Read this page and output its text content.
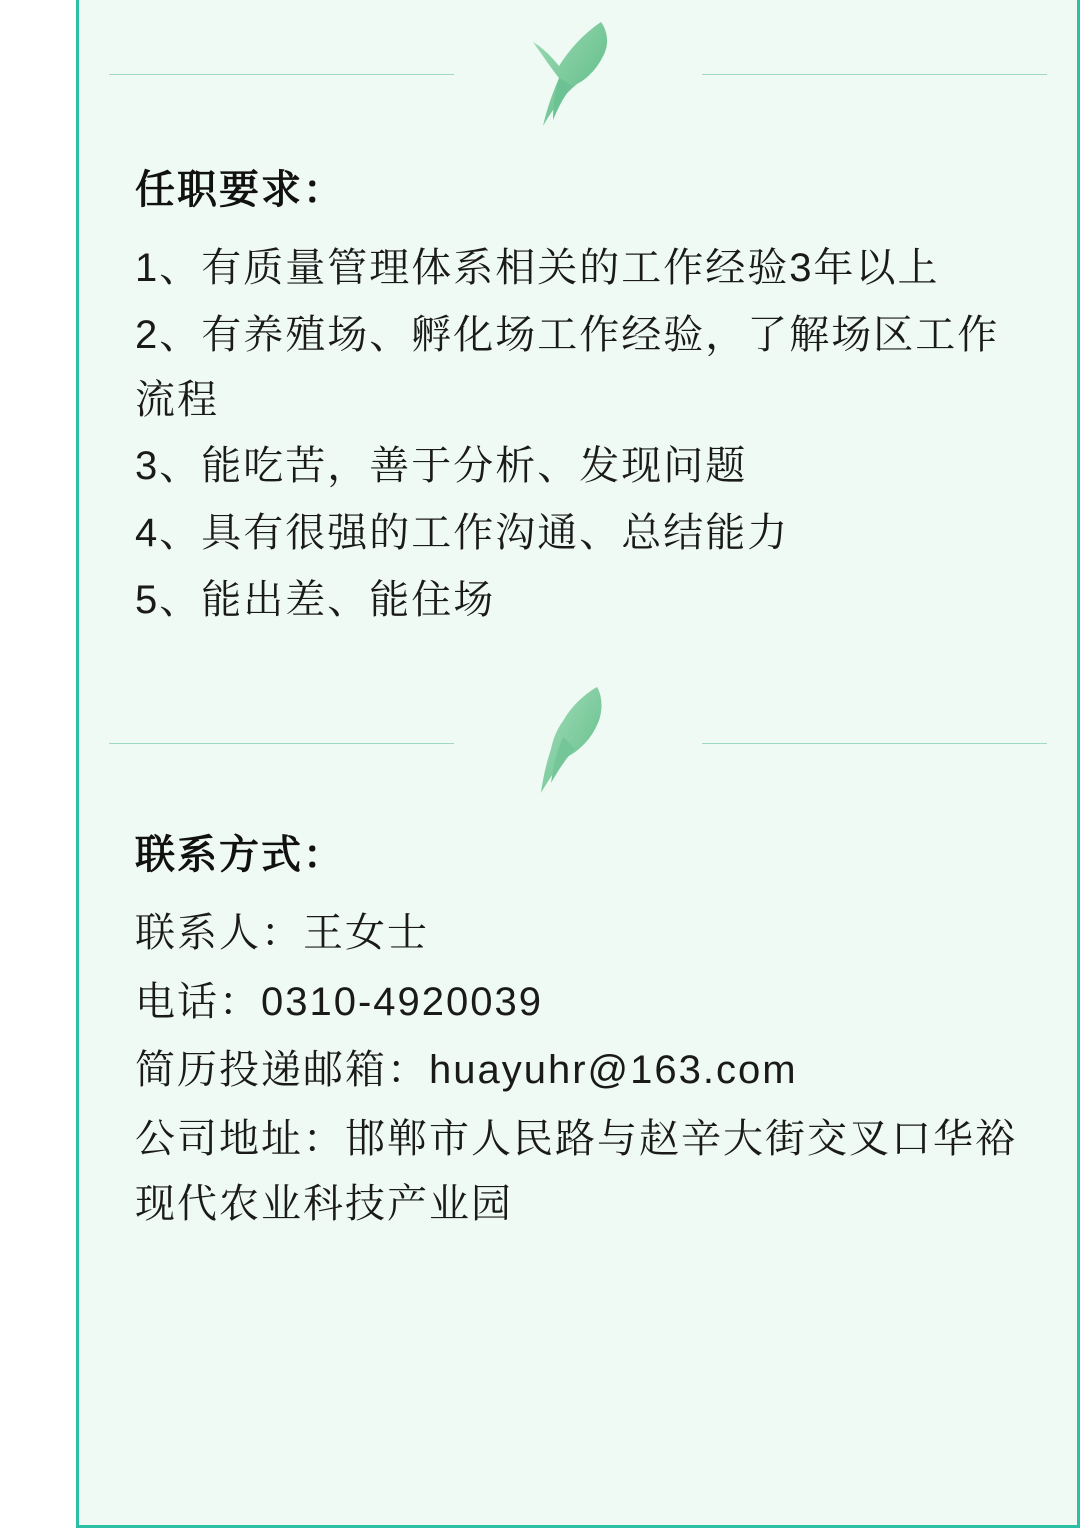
任职要求：

1、有质量管理体系相关的工作经验3年以上

2、有养殖场、孵化场工作经验，了解场区工作流程

3、能吃苦，善于分析、发现问题

4、具有很强的工作沟通、总结能力

5、能出差、能住场

联系方式：

联系人：王女士

电话：0310-4920039

简历投递邮箱：huayuhr@163.com

公司地址：邯郸市人民路与赵辛大街交叉口华裕现代农业科技产业园
